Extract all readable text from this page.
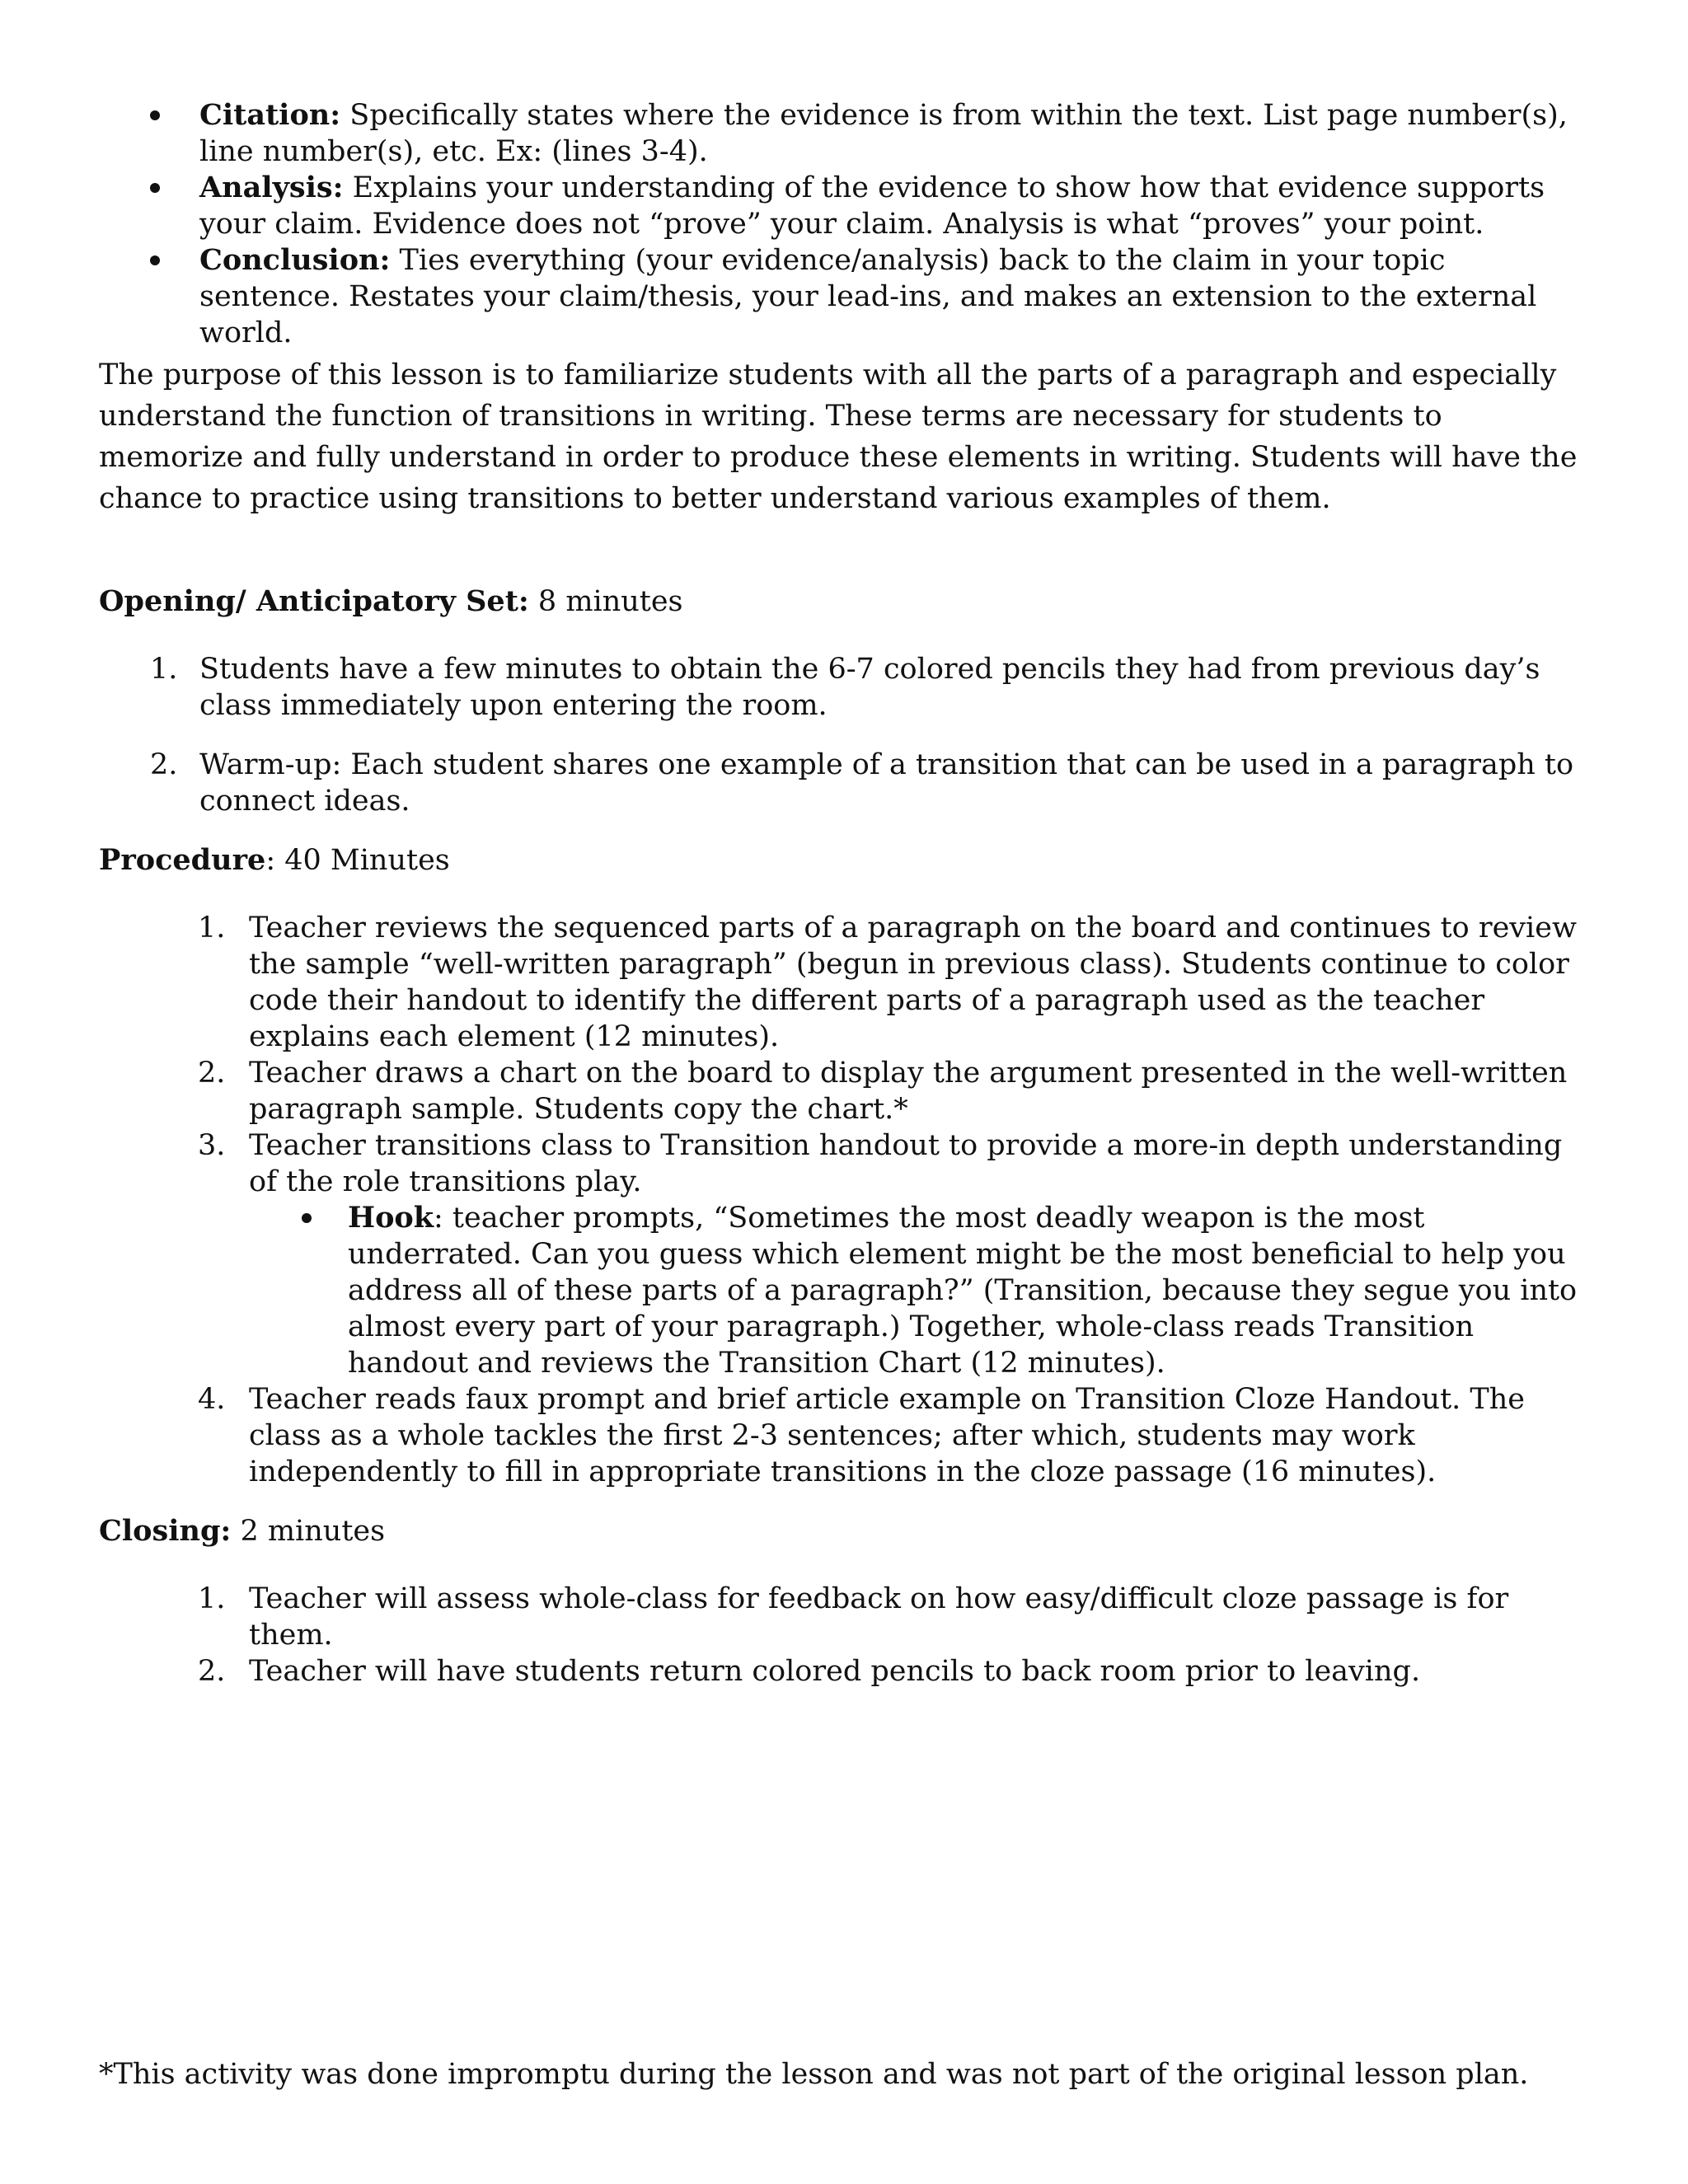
Citation: Specifically states where the evidence is from within the text. List page number(s), line number(s), etc. Ex: (lines 3-4).
Analysis: Explains your understanding of the evidence to show how that evidence supports your claim. Evidence does not “prove” your claim. Analysis is what “proves” your point.
Conclusion: Ties everything (your evidence/analysis) back to the claim in your topic sentence. Restates your claim/thesis, your lead-ins, and makes an extension to the external world.

The purpose of this lesson is to familiarize students with all the parts of a paragraph and especially understand the function of transitions in writing. These terms are necessary for students to memorize and fully understand in order to produce these elements in writing. Students will have the chance to practice using transitions to better understand various examples of them.

Opening/ Anticipatory Set: 8 minutes

1. Students have a few minutes to obtain the 6-7 colored pencils they had from previous day’s class immediately upon entering the room.
2. Warm-up: Each student shares one example of a transition that can be used in a paragraph to connect ideas.

Procedure: 40 Minutes

1. Teacher reviews the sequenced parts of a paragraph on the board and continues to review the sample “well-written paragraph” (begun in previous class). Students continue to color code their handout to identify the different parts of a paragraph used as the teacher explains each element (12 minutes).
2. Teacher draws a chart on the board to display the argument presented in the well-written paragraph sample. Students copy the chart.*
3. Teacher transitions class to Transition handout to provide a more-in depth understanding of the role transitions play.
Hook: teacher prompts, “Sometimes the most deadly weapon is the most underrated. Can you guess which element might be the most beneficial to help you address all of these parts of a paragraph?” (Transition, because they segue you into almost every part of your paragraph.) Together, whole-class reads Transition handout and reviews the Transition Chart (12 minutes).
4. Teacher reads faux prompt and brief article example on Transition Cloze Handout. The class as a whole tackles the first 2-3 sentences; after which, students may work independently to fill in appropriate transitions in the cloze passage (16 minutes).

Closing: 2 minutes

1. Teacher will assess whole-class for feedback on how easy/difficult cloze passage is for them.
2. Teacher will have students return colored pencils to back room prior to leaving.

*This activity was done impromptu during the lesson and was not part of the original lesson plan.
